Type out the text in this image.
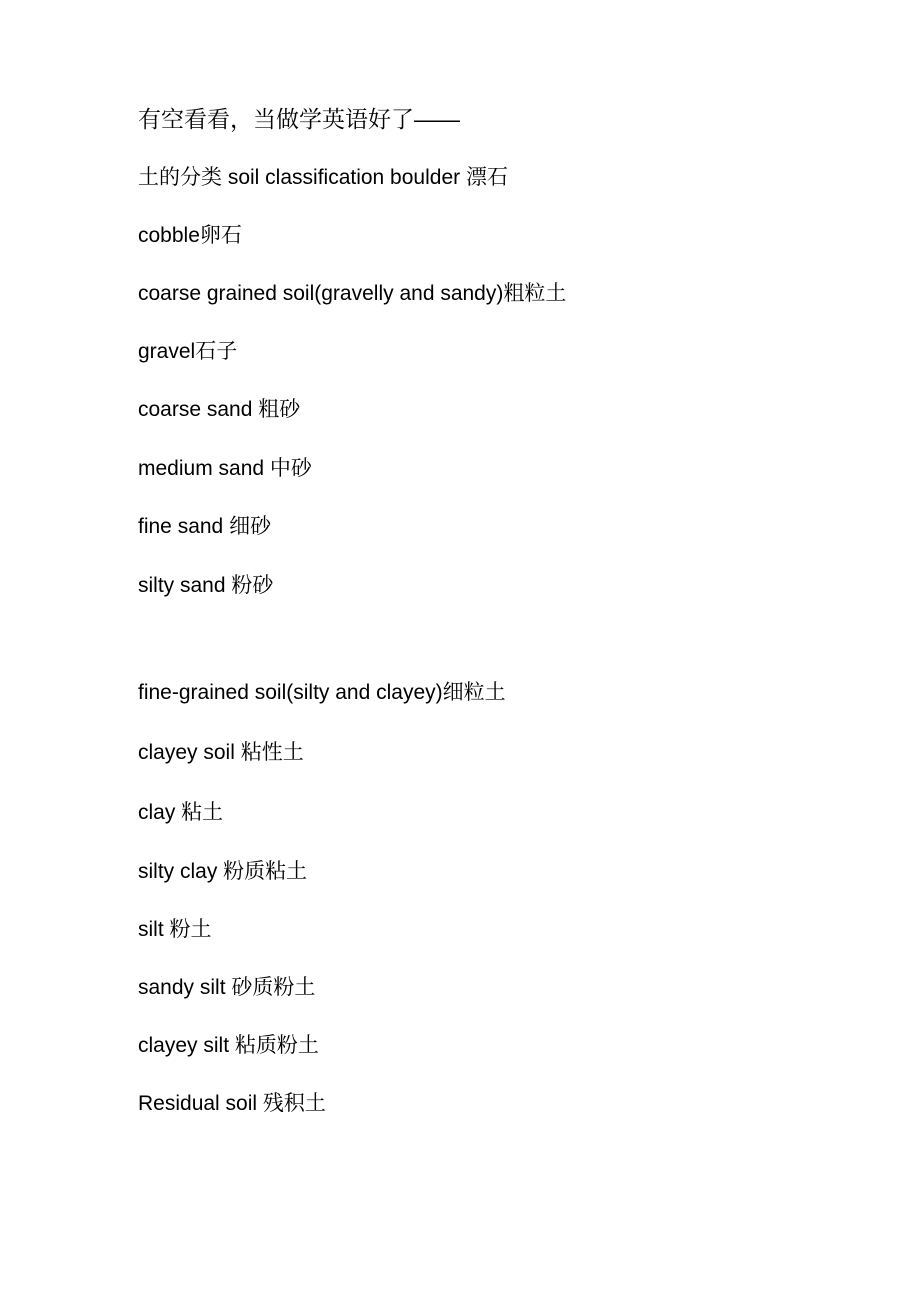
有空看看，当做学英语好了——
土的分类 soil classification boulder 漂石
cobble卵石
coarse grained soil(gravelly and sandy)粗粒土
gravel石子
coarse sand 粗砂
medium sand 中砂
fine sand 细砂
silty sand 粉砂
fine-grained soil(silty and clayey)细粒土
clayey soil 粘性土
clay 粘土
silty clay 粉质粘土
silt 粉土
sandy silt 砂质粉土
clayey silt 粘质粉土
Residual soil 残积土
